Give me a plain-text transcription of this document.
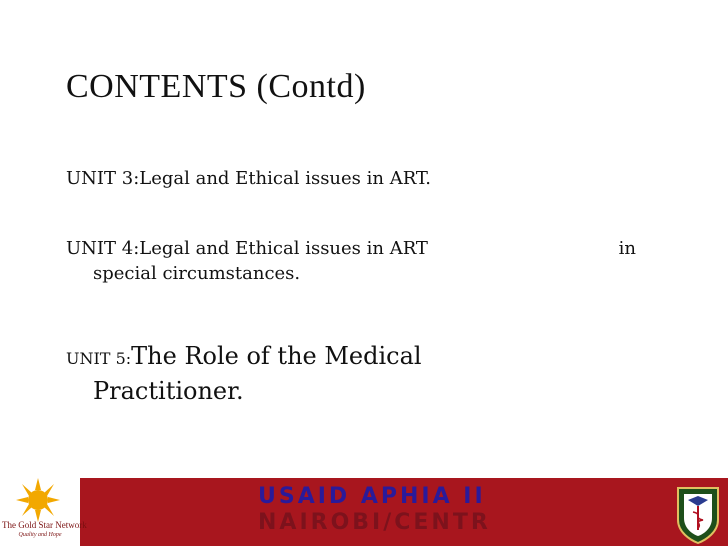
CONTENTS (Contd)
UNIT 3:Legal and Ethical issues in ART.
UNIT 4:Legal and Ethical issues in ART	in
special circumstances.
UNIT 5:The Role of the Medical
Practitioner.
The Gold Star Network
Quality and Hope
USAID APHIA II
NAIROBI/CENTR
